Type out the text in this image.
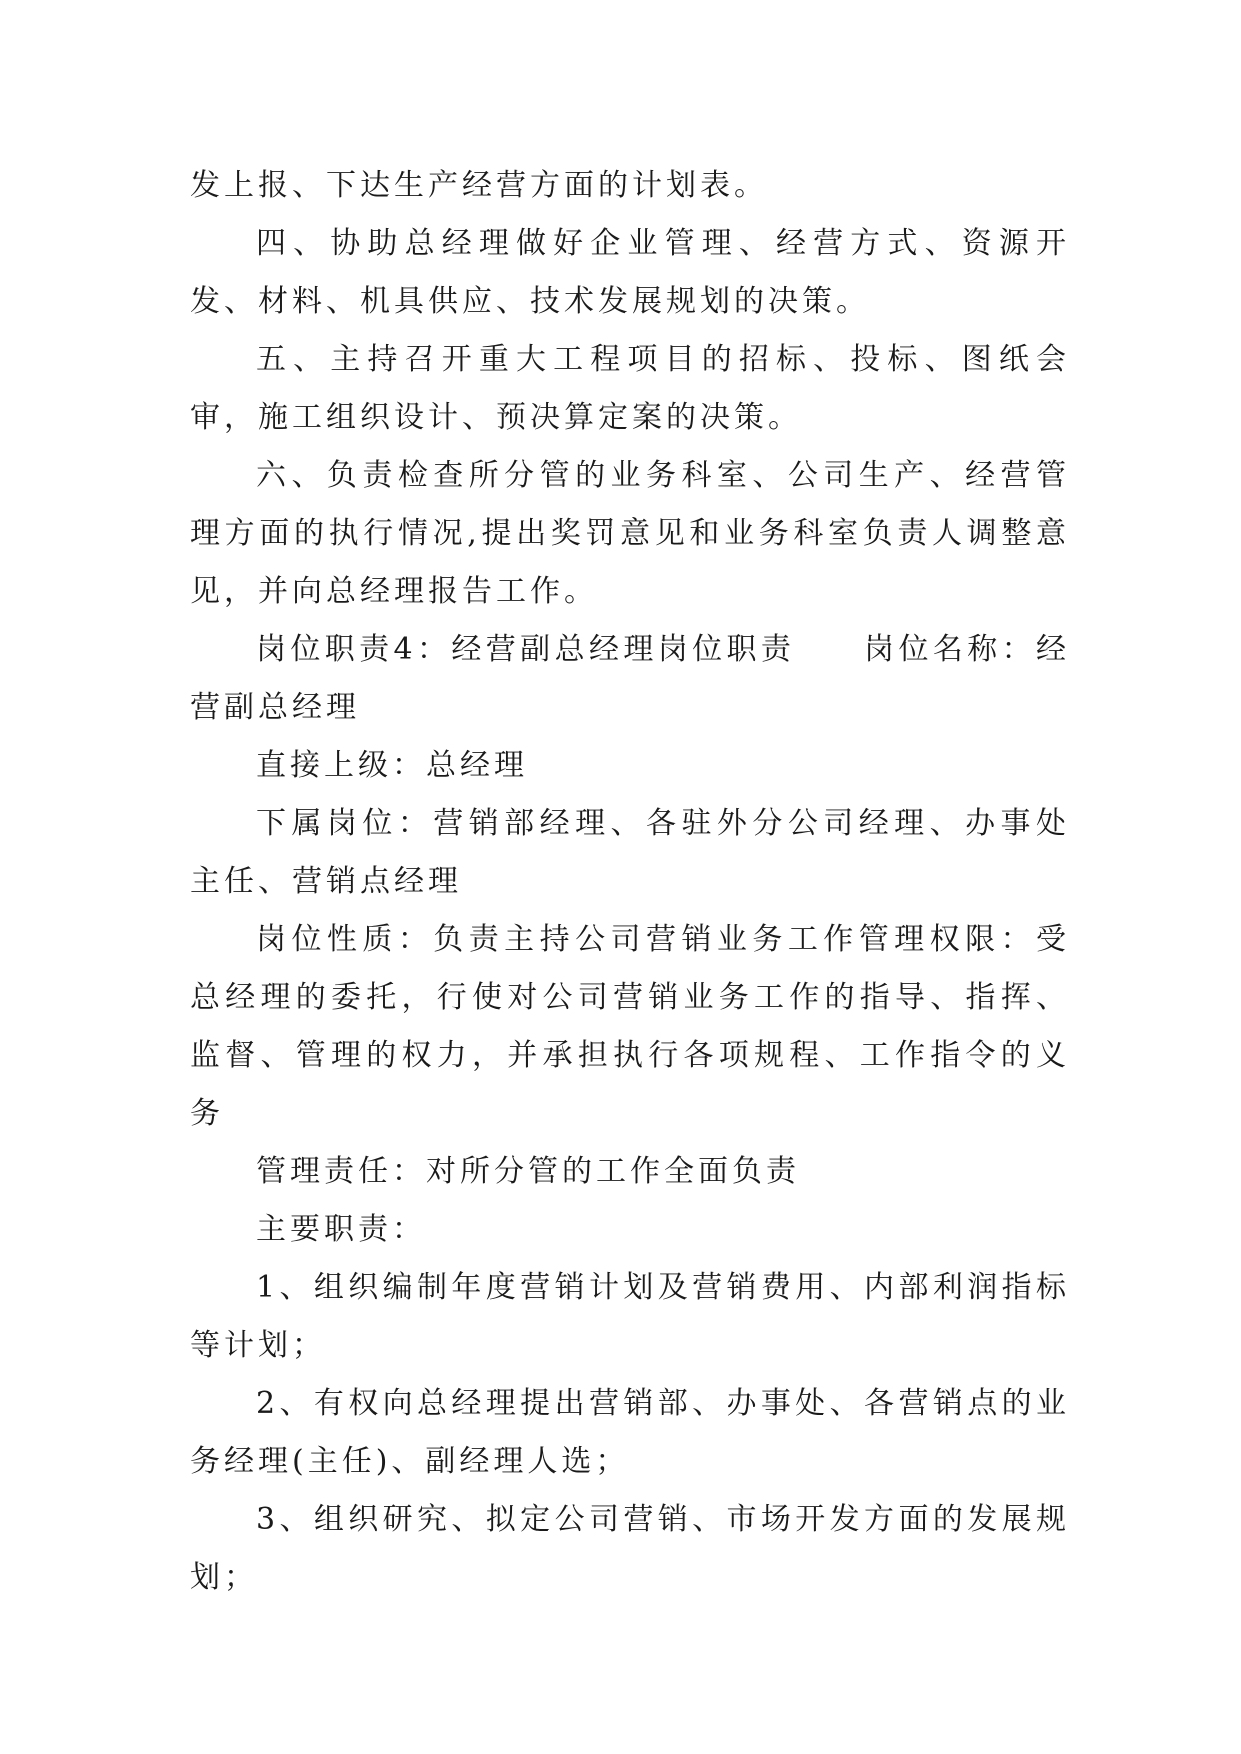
发上报、下达生产经营方面的计划表。

四、协助总经理做好企业管理、经营方式、资源开发、材料、机具供应、技术发展规划的决策。

五、主持召开重大工程项目的招标、投标、图纸会审，施工组织设计、预决算定案的决策。

六、负责检查所分管的业务科室、公司生产、经营管理方面的执行情况,提出奖罚意见和业务科室负责人调整意见，并向总经理报告工作。

岗位职责4：经营副总经理岗位职责　　岗位名称：经营副总经理

直接上级：总经理

下属岗位：营销部经理、各驻外分公司经理、办事处主任、营销点经理

岗位性质：负责主持公司营销业务工作管理权限：受总经理的委托，行使对公司营销业务工作的指导、指挥、监督、管理的权力，并承担执行各项规程、工作指令的义务

管理责任：对所分管的工作全面负责

主要职责：

1、组织编制年度营销计划及营销费用、内部利润指标等计划；

2、有权向总经理提出营销部、办事处、各营销点的业务经理(主任)、副经理人选；

3、组织研究、拟定公司营销、市场开发方面的发展规划；
